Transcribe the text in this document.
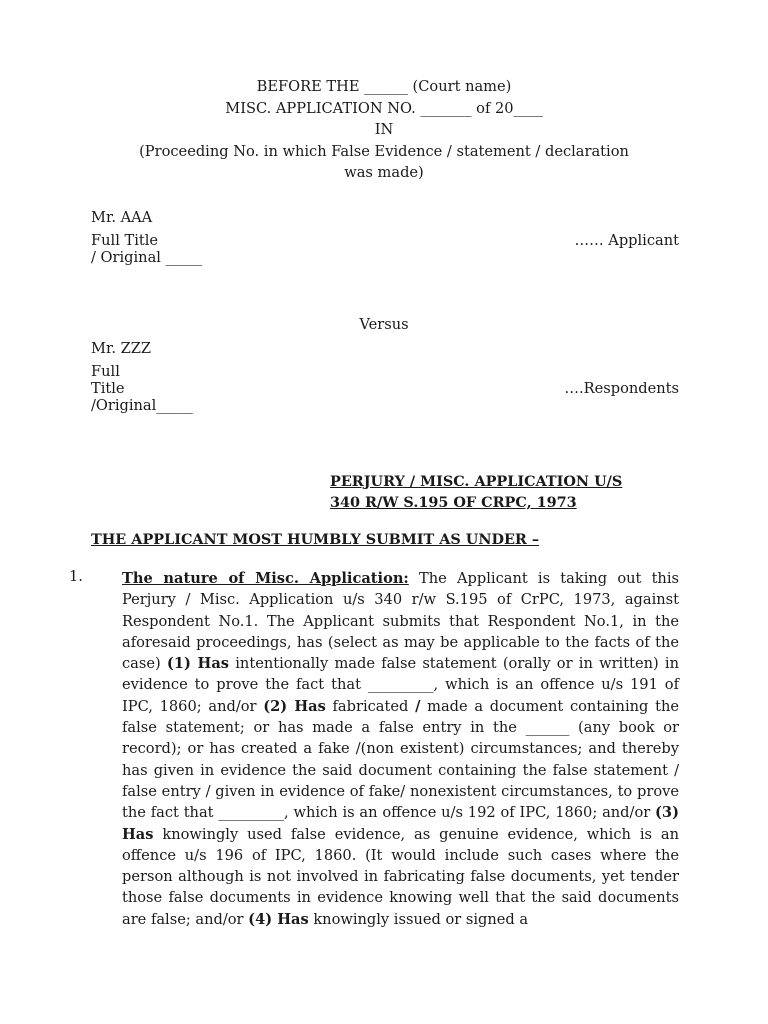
BEFORE THE ______ (Court name)
MISC. APPLICATION NO. _______ of 20____
IN
(Proceeding No. in which False Evidence / statement / declaration
was made)
Mr. AAA
Full Title	…… Applicant
/ Original _____
Versus
Mr. ZZZ
Full
Title	….Respondents
/Original_____
PERJURY / MISC. APPLICATION U/S
340 R/W S.195 OF CRPC, 1973
THE APPLICANT MOST HUMBLY SUBMIT AS UNDER –
1.	The nature of Misc. Application: The Applicant is taking out this Perjury / Misc. Application u/s 340 r/w S.195 of CrPC, 1973, against Respondent No.1. The Applicant submits that Respondent No.1, in the aforesaid proceedings, has (select as may be applicable to the facts of the case) (1) Has intentionally made false statement (orally or in written) in evidence to prove the fact that _________, which is an offence u/s 191 of IPC, 1860; and/or (2) Has fabricated / made a document containing the false statement; or has made a false entry in the ______ (any book or record); or has created a fake /(non existent) circumstances; and thereby has given in evidence the said document containing the false statement / false entry / given in evidence of fake/ nonexistent circumstances, to prove the fact that _________, which is an offence u/s 192 of IPC, 1860; and/or (3) Has knowingly used false evidence, as genuine evidence, which is an offence u/s 196 of IPC, 1860. (It would include such cases where the person although is not involved in fabricating false documents, yet tender those false documents in evidence knowing well that the said documents are false; and/or (4) Has knowingly issued or signed a
